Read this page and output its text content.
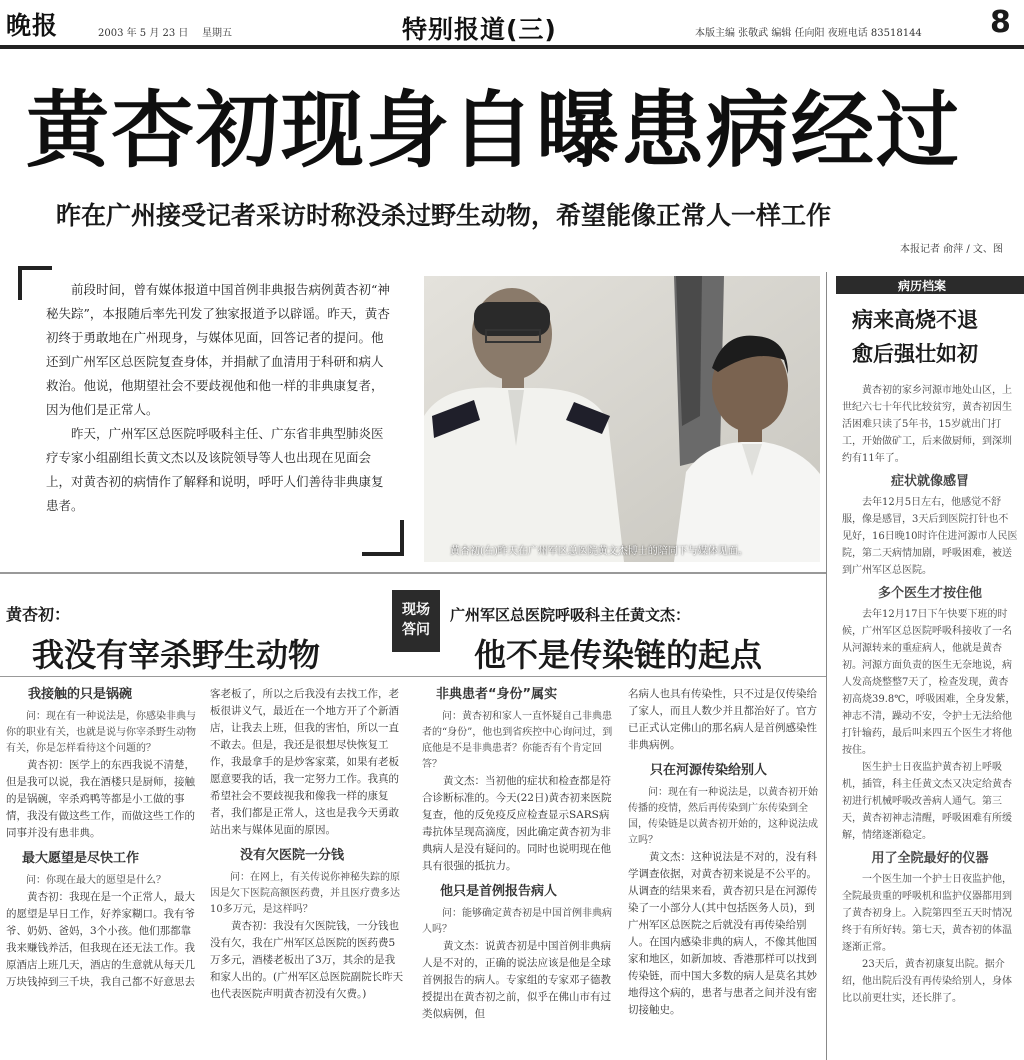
晚报	2003 年 5 月 23 日 星期五	特别报道(三)	本版主编 张敬武 编辑 任向阳 夜班电话 83518144 8
黄杏初现身自曝患病经过
昨在广州接受记者采访时称没杀过野生动物，希望能像正常人一样工作
本报记者 俞萍 / 文、图

前段时间，曾有媒体报道中国首例非典报告病例黄杏初“神秘失踪”，本报随后率先刊发了独家报道予以辟谣。昨天，黄杏初终于勇敢地在广州现身，与媒体见面，回答记者的提问。他还到广州军区总医院复查身体，并捐献了血清用于科研和病人救治。他说，他期望社会不要歧视他和他一样的非典康复者，因为他们是正常人。

昨天，广州军区总医院呼吸科主任、广东省非典型肺炎医疗专家小组副组长黄文杰以及该院领导等人也出现在见面会上，对黄杏初的病情作了解释和说明，呼吁人们善待非典康复患者。

黄杏初(右)昨天在广州军区总医院黄文杰博士的陪同下与媒体见面。
病历档案
病来高烧不退
愈后强壮如初

黄杏初的家乡河源市地处山区，上世纪六七十年代比较贫穷，黄杏初因生活困难只读了5年书，15岁就出门打工，开始做矿工，后来做厨师，到深圳约有11年了。

症状就像感冒

去年12月5日左右，他感觉不舒服，像是感冒，3天后到医院打针也不见好，16日晚10时许住进河源市人民医院，第二天病情加剧，呼吸困难，被送到广州军区总医院。

多个医生才按住他

去年12月17日下午快要下班的时候，广州军区总医院呼吸科接收了一名从河源转来的重症病人，他就是黄杏初。河源方面负责的医生无奈地说，病人发高烧整整7天了，检查发现，黄杏初高烧39.8℃，呼吸困难，全身发紫，神志不清，躁动不安，令护士无法给他打针输药，最后叫来四五个医生才将他按住。

医生护士日夜监护黄杏初上呼吸机，插管，科主任黄文杰又决定给黄杏初进行机械呼吸改善病人通气。第三天，黄杏初神志清醒，呼吸困难有所缓解，情绪逐渐稳定。

用了全院最好的仪器

一个医生加一个护士日夜监护他，全院最贵重的呼吸机和监护仪器都用到了黄杏初身上。入院第四至五天时情况终于有所好转。第七天，黄杏初的体温逐渐正常。

23天后，黄杏初康复出院。据介绍，他出院后没有再传染给别人，身体比以前更壮实，还长胖了。

黄杏初：
我没有宰杀野生动物
现场答问
广州军区总医院呼吸科主任黄文杰：
他不是传染链的起点
我接触的只是锅碗

问：现在有一种说法是，你感染非典与你的职业有关，也就是说与你宰杀野生动物有关，你是怎样看待这个问题的？

黄杏初：医学上的东西我说不清楚，但是我可以说，我在酒楼只是厨师，接触的是锅碗，宰杀鸡鸭等都是小工做的事情，我没有做这些工作，而做这些工作的同事并没有患非典。

最大愿望是尽快工作

问：你现在最大的愿望是什么？

黄杏初：我现在是一个正常人，最大的愿望是早日工作，好养家糊口。我有爷爷、奶奶、爸妈，3个小孩。他们那都靠我来赚钱养活，但我现在还无法工作。我原酒店上班几天，酒店的生意就从每天几万块钱掉到三千块，我自己都不好意思去

客老板了，所以之后我没有去找工作，老板很讲义气，最近在一个地方开了个新酒店，让我去上班，但我的害怕，所以一直不敢去。但是，我还是很想尽快恢复工作，我最拿手的是炒客家菜，如果有老板愿意要我的话，我一定努力工作。我真的希望社会不要歧视我和像我一样的康复者，我们都是正常人，这也是我今天勇敢站出来与媒体见面的原因。

没有欠医院一分钱

问：在网上，有关传说你神秘失踪的原因是欠下医院高额医药费，并且医疗费多达10多万元，是这样吗？

黄杏初：我没有欠医院钱，一分钱也没有欠，我在广州军区总医院的医药费5万多元，酒楼老板出了3万，其余的是我和家人出的。(广州军区总医院副院长昨天也代表医院声明黄杏初没有欠费。)

非典患者“身份”属实

问：黄杏初和家人一直怀疑自己非典患者的“身份”，他也到省疾控中心询问过，到底他是不是非典患者？你能否有个肯定回答？

黄文杰：当初他的症状和检查都是符合诊断标准的。今天(22日)黄杏初来医院复查，他的反免疫反应检查显示SARS病毒抗体呈现高滴度，因此确定黄杏初为非典病人是没有疑问的。同时也说明现在他具有很强的抵抗力。

他只是首例报告病人

问：能够确定黄杏初是中国首例非典病人吗？

黄文杰：说黄杏初是中国首例非典病人是不对的，正确的说法应该是他是全球首例报告的病人。专家组的专家邓子德教授提出在黄杏初之前，似乎在佛山市有过类似病例，但

名病人也具有传染性，只不过是仅传染给了家人，而且人数少并且都治好了。官方已正式认定佛山的那名病人是首例感染性非典病例。

只在河源传染给别人

问：现在有一种说法是，以黄杏初开始传播的疫情，然后再传染到广东传染到全国，传染链是以黄杏初开始的，这种说法成立吗？

黄文杰：这种说法是不对的，没有科学调查依据，对黄杏初来说是不公平的。从调查的结果来看，黄杏初只是在河源传染了一小部分人(其中包括医务人员)，到广州军区总医院之后就没有再传染给别人。在国内感染非典的病人，不像其他国家和地区，如新加坡、香港那样可以找到传染链，而中国大多数的病人是莫名其妙地得这个病的，患者与患者之间并没有密切接触史。
